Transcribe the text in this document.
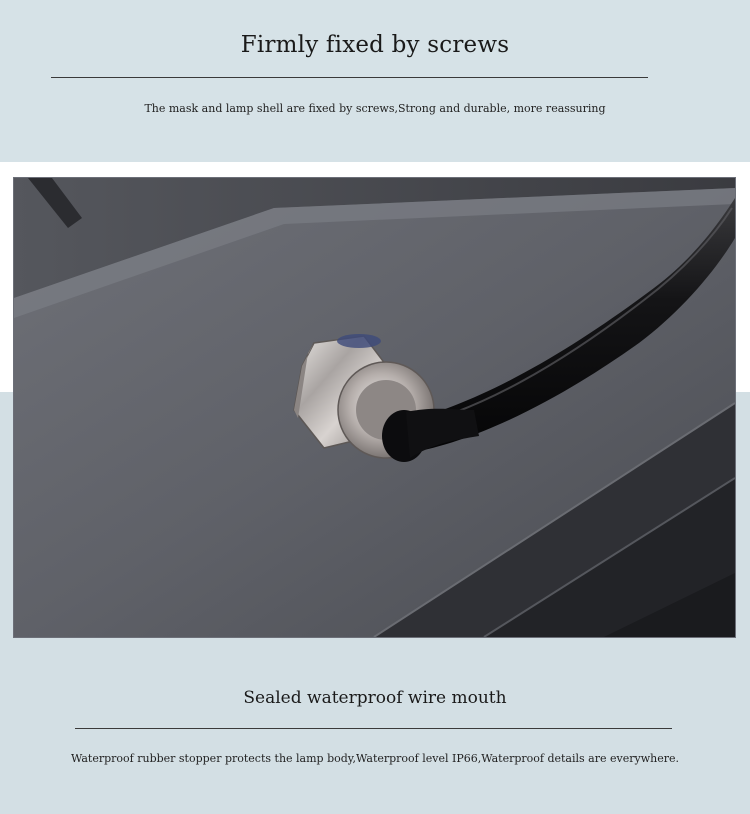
Firmly fixed by screws
The mask and lamp shell are fixed by screws,Strong and durable, more reassuring
Sealed waterproof wire mouth
Waterproof rubber stopper protects the lamp body,Waterproof level IP66,Waterproof details are everywhere.
